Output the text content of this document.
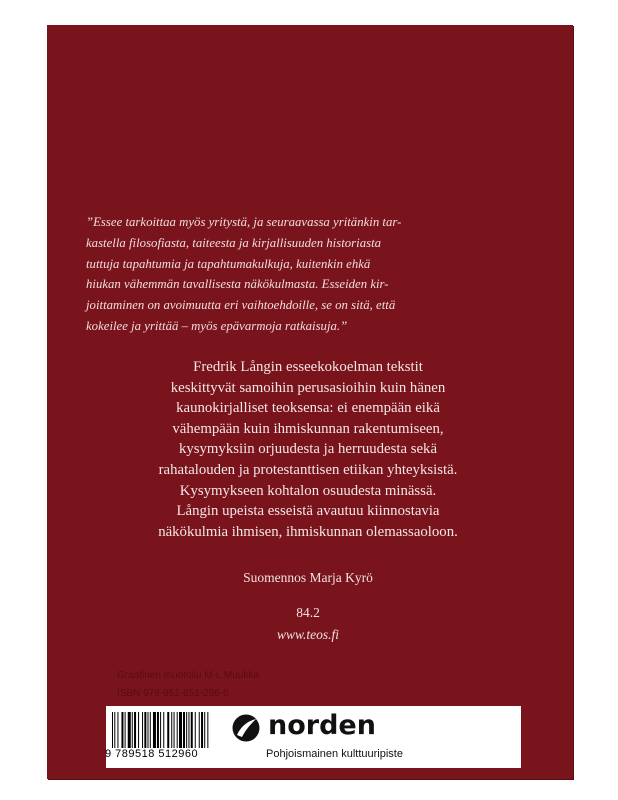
”Essee tarkoittaa myös yritystä, ja seuraavassa yritänkin tar-
kastella filosofiasta, taiteesta ja kirjallisuuden historiasta
tuttuja tapahtumia ja tapahtumakulkuja, kuitenkin ehkä
hiukan vähemmän tavallisesta näkökulmasta. Esseiden kir-
joittaminen on avoimuutta eri vaihtoehdoille, se on sitä, että
kokeilee ja yrittää – myös epävarmoja ratkaisuja.”
Fredrik Långin esseekokoelman tekstit
keskittyvät samoihin perusasioihin kuin hänen
kaunokirjalliset teoksensa: ei enempään eikä
vähempään kuin ihmiskunnan rakentumiseen,
kysymyksiin orjuudesta ja herruudesta sekä
rahatalouden ja protestanttisen etiikan yhteyksistä.
Kysymykseen kohtalon osuudesta minässä.
Långin upeista esseistä avautuu kiinnostavia
näkökulmia ihmisen, ihmiskunnan olemassaoloon.
Suomennos Marja Kyrö
84.2
www.teos.fi
Graafinen muotoilu M-L Muukka
ISBN 978-951-851-296-0
9 789518 512960
norden
Pohjoismainen kulttuuripiste
